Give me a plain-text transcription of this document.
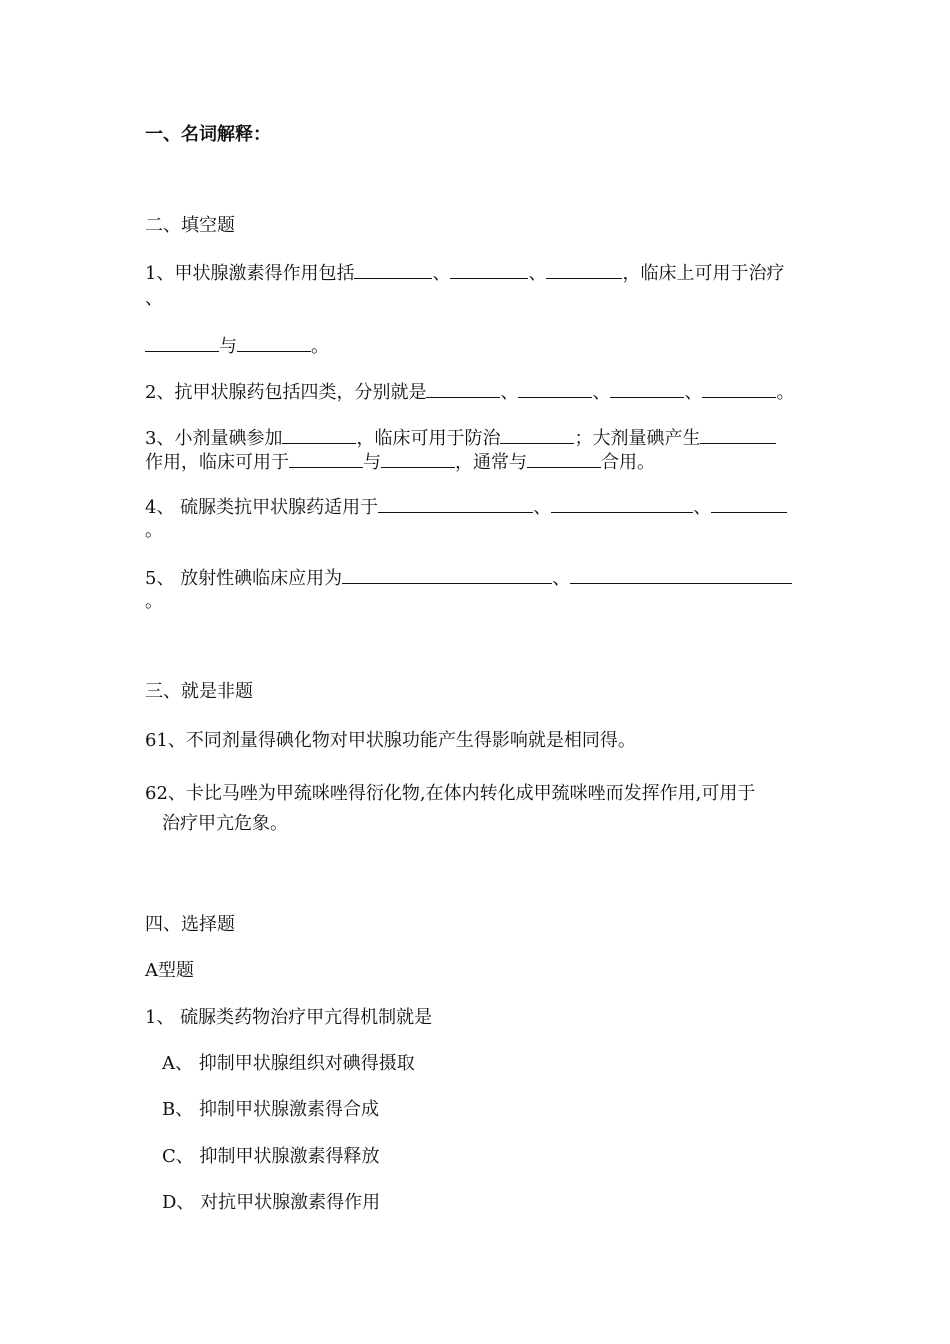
一、名词解释：
二、填空题
1、甲状腺激素得作用包括	、	、	，临床上可用于治疗
、
与	。
2、抗甲状腺药包括四类，分别就是	、	、	、	。
3、小剂量碘参加	，临床可用于防治	；大剂量碘产生
作用，临床可用于	与	，通常与	合用。
4、 硫脲类抗甲状腺药适用于	、	、
。
5、 放射性碘临床应用为	、
。
三、就是非题
61、不同剂量得碘化物对甲状腺功能产生得影响就是相同得。
62、卡比马唑为甲巯咪唑得衍化物,在体内转化成甲巯咪唑而发挥作用,可用于
治疗甲亢危象。
四、选择题
A型题
1、 硫脲类药物治疗甲亢得机制就是
A、 抑制甲状腺组织对碘得摄取
B、 抑制甲状腺激素得合成
C、 抑制甲状腺激素得释放
D、 对抗甲状腺激素得作用
